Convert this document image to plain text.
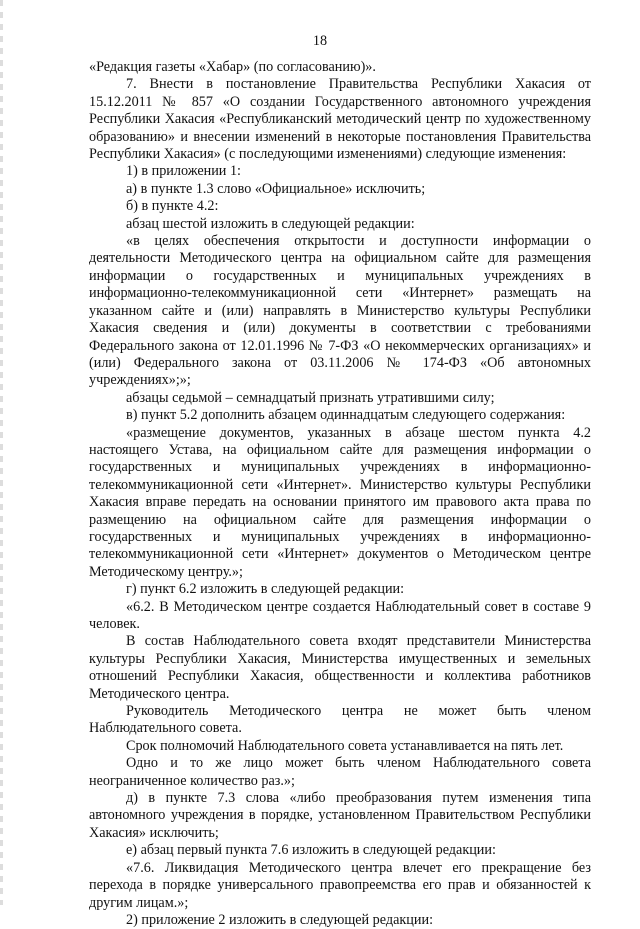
18

«Редакция газеты «Хабар» (по согласованию)».

7. Внести в постановление Правительства Республики Хакасия от 15.12.2011 № 857 «О создании Государственного автономного учреждения Республики Хакасия «Республиканский методический центр по художественному образованию» и внесении изменений в некоторые постановления Правительства Республики Хакасия» (с последующими изменениями) следующие изменения:

1) в приложении 1:

а) в пункте 1.3 слово «Официальное» исключить;

б) в пункте 4.2:

абзац шестой изложить в следующей редакции:

«в целях обеспечения открытости и доступности информации о деятельности Методического центра на официальном сайте для размещения информации о государственных и муниципальных учреждениях в информационно-телекоммуникационной сети «Интернет» размещать на указанном сайте и (или) направлять в Министерство культуры Республики Хакасия сведения и (или) документы в соответствии с требованиями Федерального закона от 12.01.1996 № 7-ФЗ «О некоммерческих организациях» и (или) Федерального закона от 03.11.2006 № 174-ФЗ «Об автономных учреждениях»;»;

абзацы седьмой – семнадцатый признать утратившими силу;

в) пункт 5.2 дополнить абзацем одиннадцатым следующего содержания:

«размещение документов, указанных в абзаце шестом пункта 4.2 настоящего Устава, на официальном сайте для размещения информации о государственных и муниципальных учреждениях в информационно-телекоммуникационной сети «Интернет». Министерство культуры Республики Хакасия вправе передать на основании принятого им правового акта права по размещению на официальном сайте для размещения информации о государственных и муниципальных учреждениях в информационно-телекоммуникационной сети «Интернет» документов о Методическом центре Методическому центру.»;

г) пункт 6.2 изложить в следующей редакции:

«6.2. В Методическом центре создается Наблюдательный совет в составе 9 человек.

В состав Наблюдательного совета входят представители Министерства культуры Республики Хакасия, Министерства имущественных и земельных отношений Республики Хакасия, общественности и коллектива работников Методического центра.

Руководитель Методического центра не может быть членом Наблюдательного совета.

Срок полномочий Наблюдательного совета устанавливается на пять лет.

Одно и то же лицо может быть членом Наблюдательного совета неограниченное количество раз.»;

д) в пункте 7.3 слова «либо преобразования путем изменения типа автономного учреждения в порядке, установленном Правительством Республики Хакасия» исключить;

е) абзац первый пункта 7.6 изложить в следующей редакции:

«7.6. Ликвидация Методического центра влечет его прекращение без перехода в порядке универсального правопреемства его прав и обязанностей к другим лицам.»;

2) приложение 2 изложить в следующей редакции:
